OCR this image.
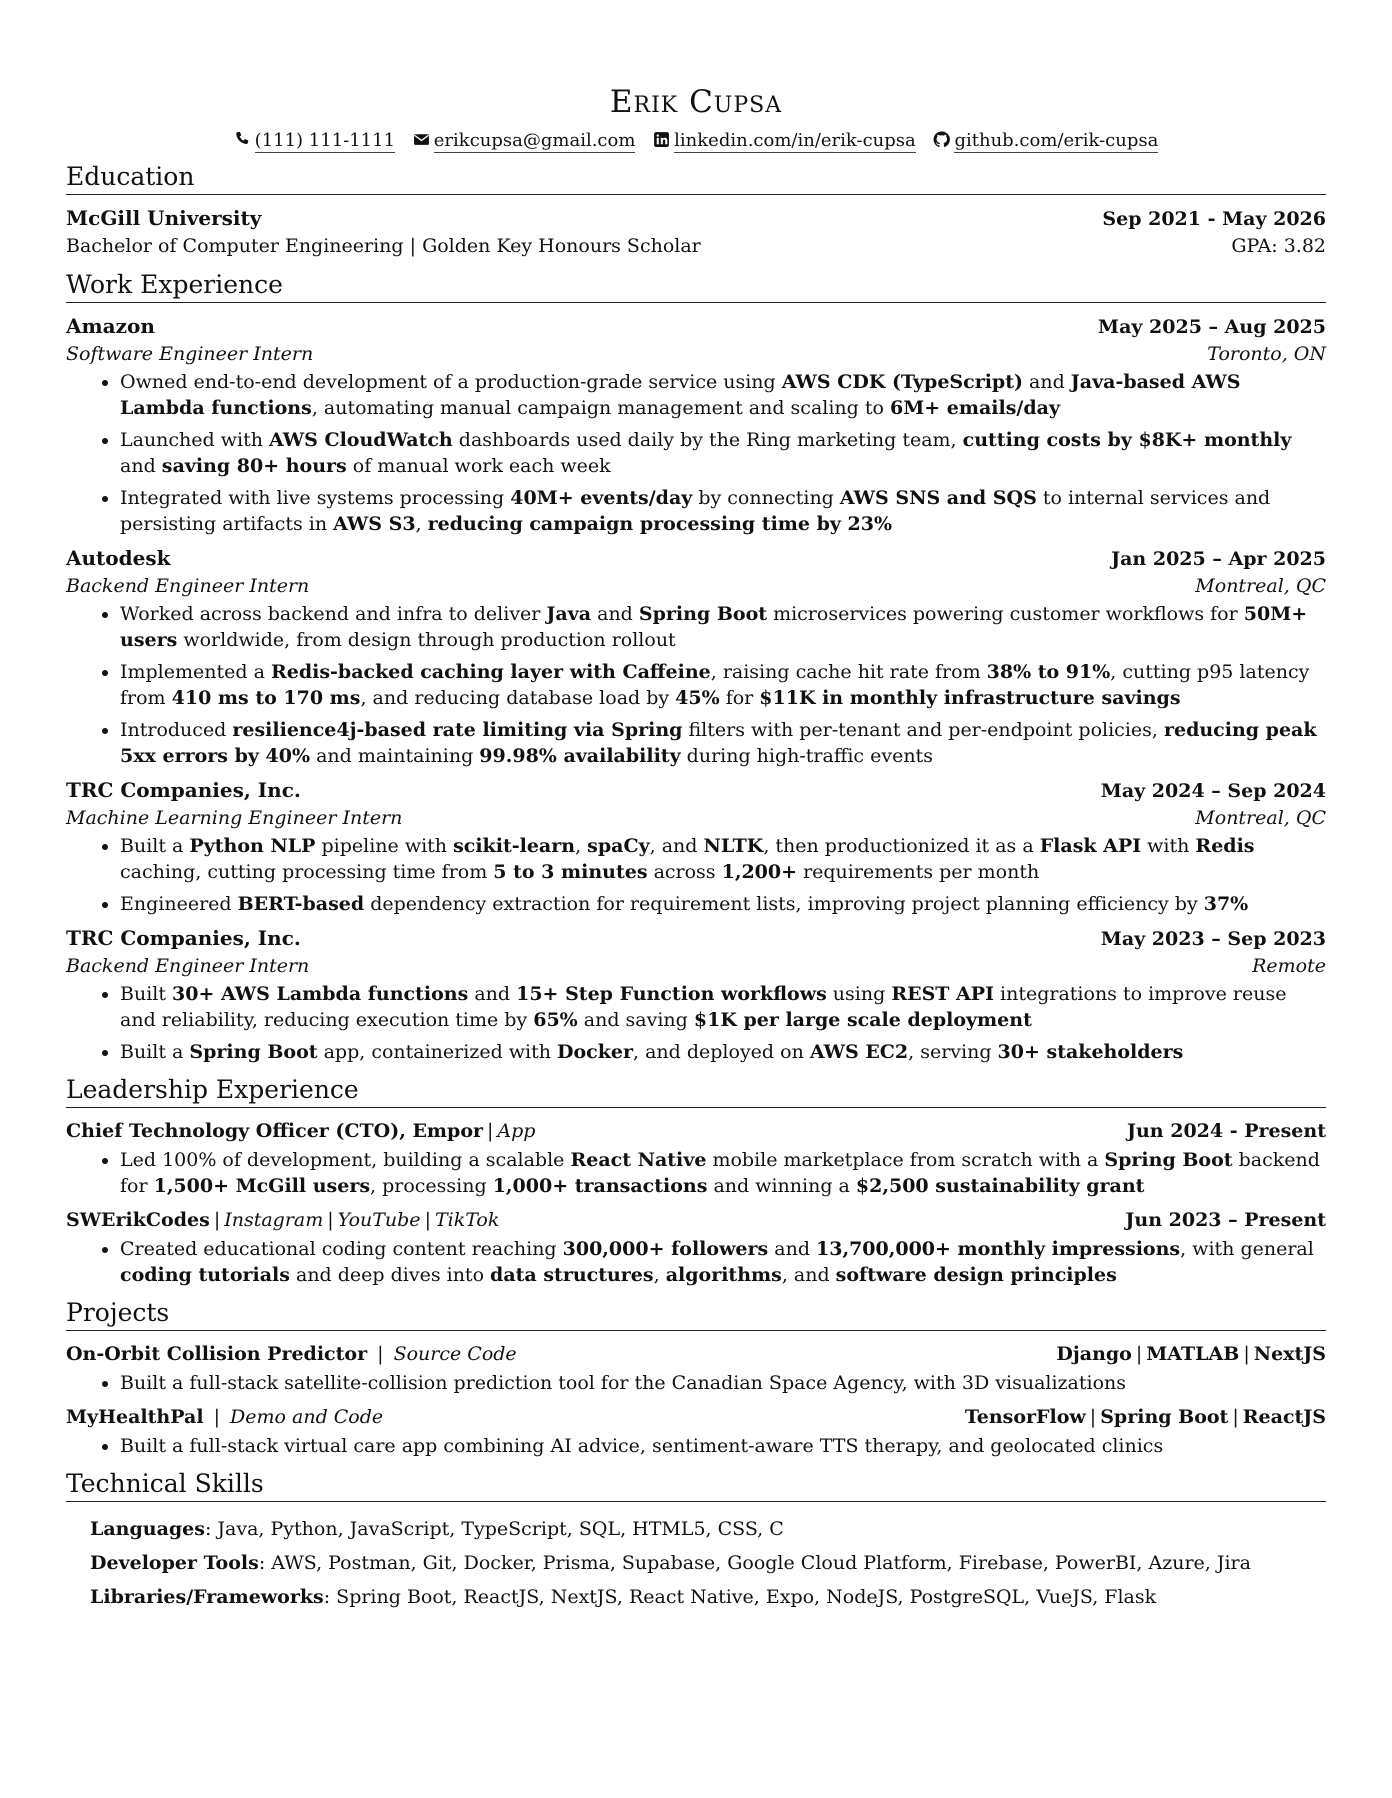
Erik Cupsa
(111) 111-1111 erikcupsa@gmail.com linkedin.com/in/erik-cupsa github.com/erik-cupsa
Education
McGill University	Sep 2021 - May 2026
Bachelor of Computer Engineering | Golden Key Honours Scholar	GPA: 3.82
Work Experience
Amazon	May 2025 – Aug 2025
Software Engineer Intern	Toronto, ON
• Owned end-to-end development of a production-grade service using AWS CDK (TypeScript) and Java-based AWS Lambda functions, automating manual campaign management and scaling to 6M+ emails/day
• Launched with AWS CloudWatch dashboards used daily by the Ring marketing team, cutting costs by $8K+ monthly and saving 80+ hours of manual work each week
• Integrated with live systems processing 40M+ events/day by connecting AWS SNS and SQS to internal services and persisting artifacts in AWS S3, reducing campaign processing time by 23%
Autodesk	Jan 2025 – Apr 2025
Backend Engineer Intern	Montreal, QC
• Worked across backend and infra to deliver Java and Spring Boot microservices powering customer workflows for 50M+ users worldwide, from design through production rollout
• Implemented a Redis-backed caching layer with Caffeine, raising cache hit rate from 38% to 91%, cutting p95 latency from 410 ms to 170 ms, and reducing database load by 45% for $11K in monthly infrastructure savings
• Introduced resilience4j-based rate limiting via Spring filters with per-tenant and per-endpoint policies, reducing peak 5xx errors by 40% and maintaining 99.98% availability during high-traffic events
TRC Companies, Inc.	May 2024 – Sep 2024
Machine Learning Engineer Intern	Montreal, QC
• Built a Python NLP pipeline with scikit-learn, spaCy, and NLTK, then productionized it as a Flask API with Redis caching, cutting processing time from 5 to 3 minutes across 1,200+ requirements per month
• Engineered BERT-based dependency extraction for requirement lists, improving project planning efficiency by 37%
TRC Companies, Inc.	May 2023 – Sep 2023
Backend Engineer Intern	Remote
• Built 30+ AWS Lambda functions and 15+ Step Function workflows using REST API integrations to improve reuse and reliability, reducing execution time by 65% and saving $1K per large scale deployment
• Built a Spring Boot app, containerized with Docker, and deployed on AWS EC2, serving 30+ stakeholders
Leadership Experience
Chief Technology Officer (CTO), Empor | App	Jun 2024 - Present
• Led 100% of development, building a scalable React Native mobile marketplace from scratch with a Spring Boot backend for 1,500+ McGill users, processing 1,000+ transactions and winning a $2,500 sustainability grant
SWErikCodes | Instagram | YouTube | TikTok	Jun 2023 – Present
• Created educational coding content reaching 300,000+ followers and 13,700,000+ monthly impressions, with general coding tutorials and deep dives into data structures, algorithms, and software design principles
Projects
On-Orbit Collision Predictor | Source Code	Django | MATLAB | NextJS
• Built a full-stack satellite-collision prediction tool for the Canadian Space Agency, with 3D visualizations
MyHealthPal | Demo and Code	TensorFlow | Spring Boot | ReactJS
• Built a full-stack virtual care app combining AI advice, sentiment-aware TTS therapy, and geolocated clinics
Technical Skills
Languages: Java, Python, JavaScript, TypeScript, SQL, HTML5, CSS, C
Developer Tools: AWS, Postman, Git, Docker, Prisma, Supabase, Google Cloud Platform, Firebase, PowerBI, Azure, Jira
Libraries/Frameworks: Spring Boot, ReactJS, NextJS, React Native, Expo, NodeJS, PostgreSQL, VueJS, Flask
